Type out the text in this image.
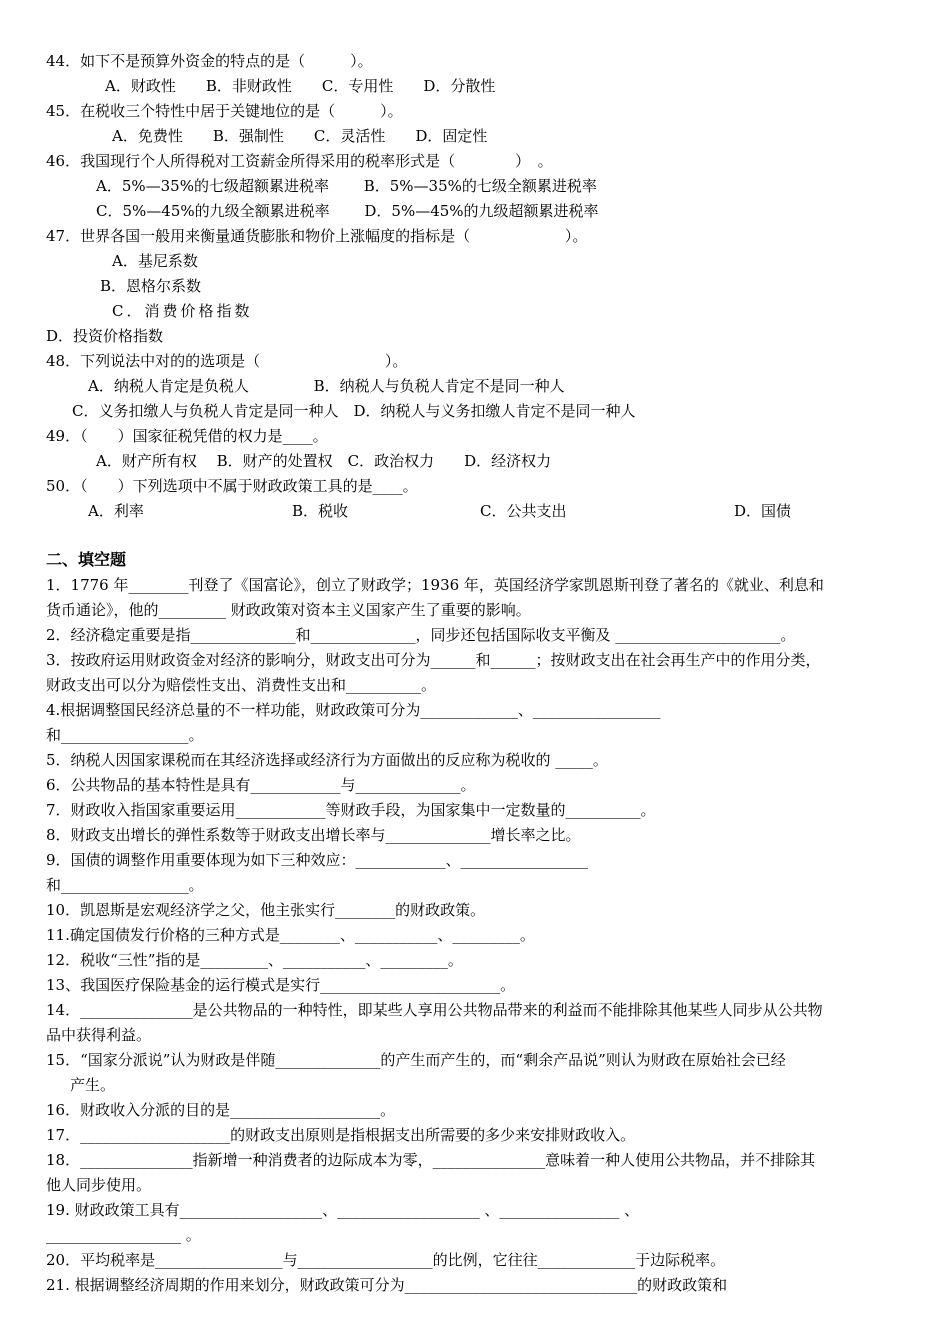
44．如下不是预算外资金的特点的是（　　　）。
A．财政性　　B．非财政性　　C．专用性　　D．分散性
45．在税收三个特性中居于关键地位的是（　　　）。
A．免费性　　B．强制性　　C．灵活性　　D．固定性
46．我国现行个人所得税对工资薪金所得采用的税率形式是（　　　　）　。
A．5%—35%的七级超额累进税率　　 B．5%—35%的七级全额累进税率
C．5%—45%的九级全额累进税率　　 D．5%—45%的九级超额累进税率
47．世界各国一般用来衡量通货膨胀和物价上涨幅度的指标是（　　　　　　 ）。
A．基尼系数
B．恩格尔系数
C．消费价格指数
D．投资价格指数
48．下列说法中对的的选项是（　　　　　　　　 ）。
A．纳税人肯定是负税人　　　　 B．纳税人与负税人肯定不是同一种人
C．义务扣缴人与负税人肯定是同一种人　D．纳税人与义务扣缴人肯定不是同一种人
49．（　　）国家征税凭借的权力是____。
A．财产所有权　 B．财产的处置权　C．政治权力　　D．经济权力
50．（　　）下列选项中不属于财政政策工具的是____。
A．利率	B．税收	C．公共支出	D．国债
二、填空题
1．1776 年________刊登了《国富论》，创立了财政学；1936 年，英国经济学家凯恩斯刊登了著名的《就业、利息和
货币通论》，他的_________ 财政政策对资本主义国家产生了重要的影响。
2．经济稳定重要是指______________和______________，同步还包括国际收支平衡及 ______________________。
3．按政府运用财政资金对经济的影响分，财政支出可分为______和______；按财政支出在社会再生产中的作用分类，
财政支出可以分为赔偿性支出、消费性支出和__________。
4.根据调整国民经济总量的不一样功能，财政政策可分为_____________、_________________
和_________________。
5．纳税人因国家课税而在其经济选择或经济行为方面做出的反应称为税收的 _____。
6．公共物品的基本特性是具有____________与______________。
7．财政收入指国家重要运用____________等财政手段，为国家集中一定数量的__________。
8．财政支出增长的弹性系数等于财政支出增长率与______________增长率之比。
9．国债的调整作用重要体现为如下三种效应：____________、_________________
和_________________。
10．凯恩斯是宏观经济学之父，他主张实行________的财政政策。
11.确定国债发行价格的三种方式是________、___________、_________。
12．税收“三性”指的是_________、___________、_________。
13、我国医疗保险基金的运行模式是实行________________________。
14．_______________是公共物品的一种特性，即某些人享用公共物品带来的利益而不能排除其他某些人同步从公共物
品中获得利益。
15．“国家分派说”认为财政是伴随______________的产生而产生的，而“剩余产品说”则认为财政在原始社会已经
产生。
16．财政收入分派的目的是____________________。
17．____________________的财政支出原则是指根据支出所需要的多少来安排财政收入。
18．_______________指新增一种消费者的边际成本为零，_______________意味着一种人使用公共物品，并不排除其
他人同步使用。
19. 财政政策工具有___________________、___________________ 、________________ 、
__________________ 。
20．平均税率是_________________与__________________的比例，它往往_____________于边际税率。
21. 根据调整经济周期的作用来划分，财政政策可分为_______________________________的财政政策和
